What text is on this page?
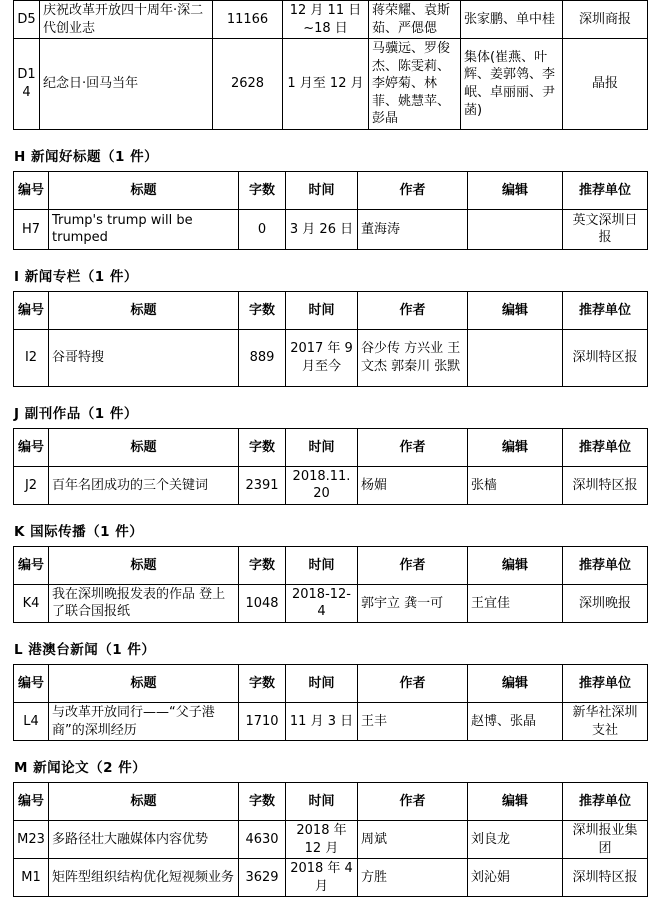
D5	庆祝改革开放四十周年·深二代创业志	11166	12 月 11 日~18 日	蒋荣耀、袁斯茹、严偲偲	张家鹏、单中桂	深圳商报
D14	纪念日·回马当年	2628	1 月至 12 月	马骥远、罗俊杰、陈雯莉、李婷菊、林菲、姚慧苹、彭晶	集体(崔燕、叶辉、姜郭鸰、李岷、卓丽丽、尹菡)	晶报
H 新闻好标题（1 件）
编号	标题	字数	时间	作者	编辑	推荐单位
H7	Trump's trump will be trumped	0	3 月 26 日	董海涛		英文深圳日报
I 新闻专栏（1 件）
编号	标题	字数	时间	作者	编辑	推荐单位
I2	谷哥特搜	889	2017 年 9 月至今	谷少传 方兴业 王文杰 郭秦川 张默		深圳特区报
J 副刊作品（1 件）
编号	标题	字数	时间	作者	编辑	推荐单位
J2	百年名团成功的三个关键词	2391	2018.11.20	杨媚	张樯	深圳特区报
K 国际传播（1 件）
编号	标题	字数	时间	作者	编辑	推荐单位
K4	我在深圳晚报发表的作品 登上了联合国报纸	1048	2018-12-4	郭宇立 龚一可	王宜佳	深圳晚报
L 港澳台新闻（1 件）
编号	标题	字数	时间	作者	编辑	推荐单位
L4	与改革开放同行——“父子港商”的深圳经历	1710	11 月 3 日	王丰	赵博、张晶	新华社深圳支社
M 新闻论文（2 件）
编号	标题	字数	时间	作者	编辑	推荐单位
M23	多路径壮大融媒体内容优势	4630	2018 年 12 月	周斌	刘良龙	深圳报业集团
M1	矩阵型组织结构优化短视频业务	3629	2018 年 4 月	方胜	刘沁娟	深圳特区报
